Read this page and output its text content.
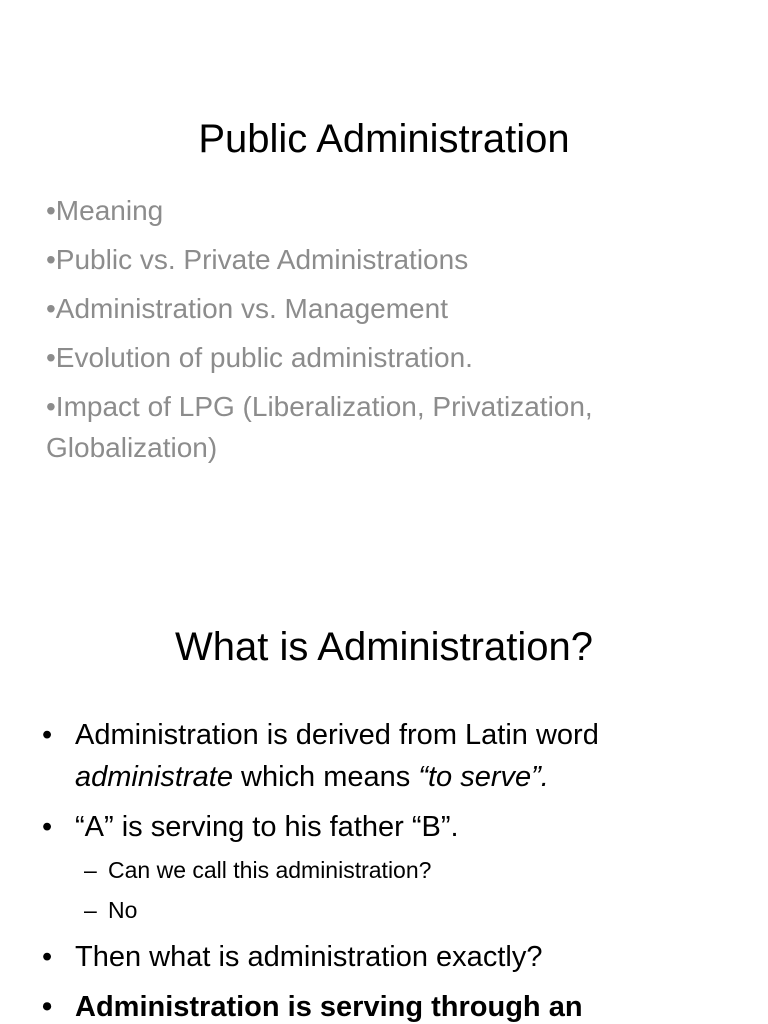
Public Administration
•Meaning
•Public vs. Private Administrations
•Administration vs. Management
•Evolution of public administration.
•Impact of LPG (Liberalization, Privatization, Globalization)
What is Administration?
• Administration is derived from Latin word administrate which means “to serve”.
• “A” is serving to his father “B”.
– Can we call this administration?
– No
• Then what is administration exactly?
• Administration is serving through an
